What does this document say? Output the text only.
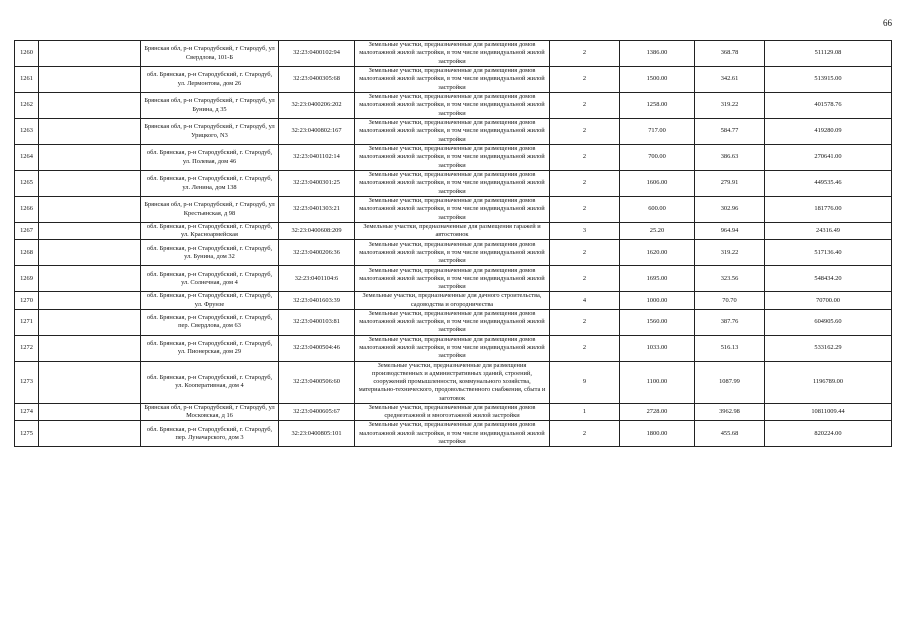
66
1260		Брянская обл, р-н Стародубский, г Стародуб, ул Свердлова, 101-Б	32:23:0400102:94	Земельные участки, предназначенные для размещения домов малоэтажной жилой застройки, в том числе индивидуальной жилой застройки	2	1386.00	368.78	511129.08
1261		обл. Брянская, р-н Стародубский, г. Стародуб, ул. Лермонтова, дом 26	32:23:0400305:68	Земельные участки, предназначенные для размещения домов малоэтажной жилой застройки, в том числе индивидуальной жилой застройки	2	1500.00	342.61	513915.00
1262		Брянская обл, р-н Стародубский, г Стародуб, ул Бунина, д 35	32:23:0400206:202	Земельные участки, предназначенные для размещения домов малоэтажной жилой застройки, в том числе индивидуальной жилой застройки	2	1258.00	319.22	401578.76
1263		Брянская обл, р-н Стародубский, г Стародуб, ул Урицкого, N3	32:23:0400802:167	Земельные участки, предназначенные для размещения домов малоэтажной жилой застройки, в том числе индивидуальной жилой застройки	2	717.00	584.77	419280.09
1264		обл. Брянская, р-н Стародубский, г. Стародуб, ул. Полевая, дом 46	32:23:0401102:14	Земельные участки, предназначенные для размещения домов малоэтажной жилой застройки, в том числе индивидуальной жилой застройки	2	700.00	386.63	270641.00
1265		обл. Брянская, р-н Стародубский, г. Стародуб, ул. Ленина, дом 138	32:23:0400301:25	Земельные участки, предназначенные для размещения домов малоэтажной жилой застройки, в том числе индивидуальной жилой застройки	2	1606.00	279.91	449535.46
1266		Брянская обл, р-н Стародубский, г Стародуб, ул Крестьянская, д 98	32:23:0401303:21	Земельные участки, предназначенные для размещения домов малоэтажной жилой застройки, в том числе индивидуальной жилой застройки	2	600.00	302.96	181776.00
1267		обл. Брянская, р-н Стародубский, г. Стародуб, ул. Красноармейская	32:23:0400608:209	Земельные участки, предназначенные для размещения гаражей и автостоянок	3	25.20	964.94	24316.49
1268		обл. Брянская, р-н Стародубский, г. Стародуб, ул. Бунина, дом 32	32:23:0400206:36	Земельные участки, предназначенные для размещения домов малоэтажной жилой застройки, в том числе индивидуальной жилой застройки	2	1620.00	319.22	517136.40
1269		обл. Брянская, р-н Стародубский, г. Стародуб, ул. Солнечная, дом 4	32:23:0401104:6	Земельные участки, предназначенные для размещения домов малоэтажной жилой застройки, в том числе индивидуальной жилой застройки	2	1695.00	323.56	548434.20
1270		обл. Брянская, р-н Стародубский, г. Стародуб, ул. Фрунзе	32:23:0401603:39	Земельные участки, предназначенные для дачного строительства, садоводства и огородничества	4	1000.00	70.70	70700.00
1271		обл. Брянская, р-н Стародубский, г. Стародуб, пер. Свердлова, дом 63	32:23:0400103:81	Земельные участки, предназначенные для размещения домов малоэтажной жилой застройки, в том числе индивидуальной жилой застройки	2	1560.00	387.76	604905.60
1272		обл. Брянская, р-н Стародубский, г. Стародуб, ул. Пионерская, дом 29	32:23:0400504:46	Земельные участки, предназначенные для размещения домов малоэтажной жилой застройки, в том числе индивидуальной жилой застройки	2	1033.00	516.13	533162.29
1273		обл. Брянская, р-н Стародубский, г. Стародуб, ул. Кооперативная, дом 4	32:23:0400506:60	Земельные участки, предназначенные для размещения производственных и административных зданий, строений, сооружений промышленности, коммунального хозяйства, материально-технического, продовольственного снабжения, сбыта и заготовок	9	1100.00	1087.99	1196789.00
1274		Брянская обл, р-н Стародубский, г Стародуб, ул Московская, д 16	32:23:0400605:67	Земельные участки, предназначенные для размещения домов среднеэтажной и многоэтажной жилой застройки	1	2728.00	3962.98	10811009.44
1275		обл. Брянская, р-н Стародубский, г. Стародуб, пер. Луначарского, дом 3	32:23:0400805:101	Земельные участки, предназначенные для размещения домов малоэтажной жилой застройки, в том числе индивидуальной жилой застройки	2	1800.00	455.68	820224.00
